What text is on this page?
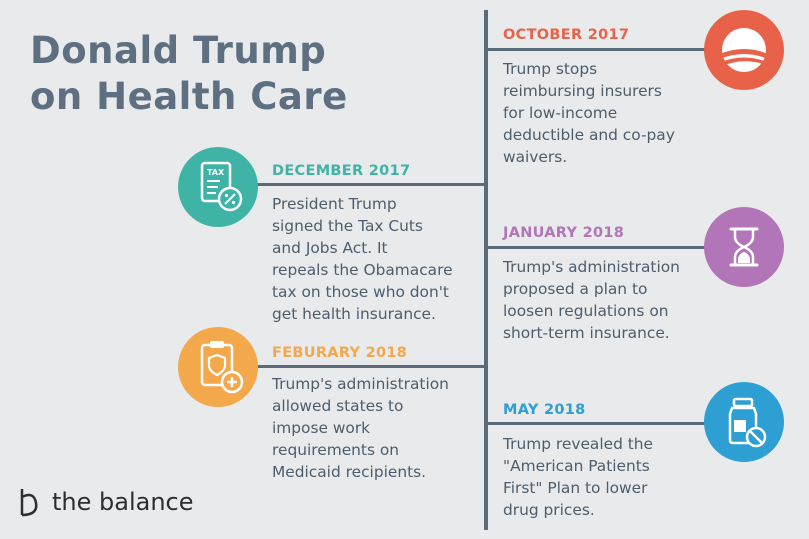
Donald Trump
on Health Care
OCTOBER 2017
Trump stops
reimbursing insurers
for low-income
deductible and co-pay
waivers.
DECEMBER 2017
President Trump
signed the Tax Cuts
and Jobs Act. It
repeals the Obamacare
tax on those who don't
get health insurance.
TAX
JANUARY 2018
Trump's administration
proposed a plan to
loosen regulations on
short-term insurance.
FEBURARY 2018
Trump's administration
allowed states to
impose work
requirements on
Medicaid recipients.
MAY 2018
Trump revealed the
"American Patients
First" Plan to lower
drug prices.
the balance
